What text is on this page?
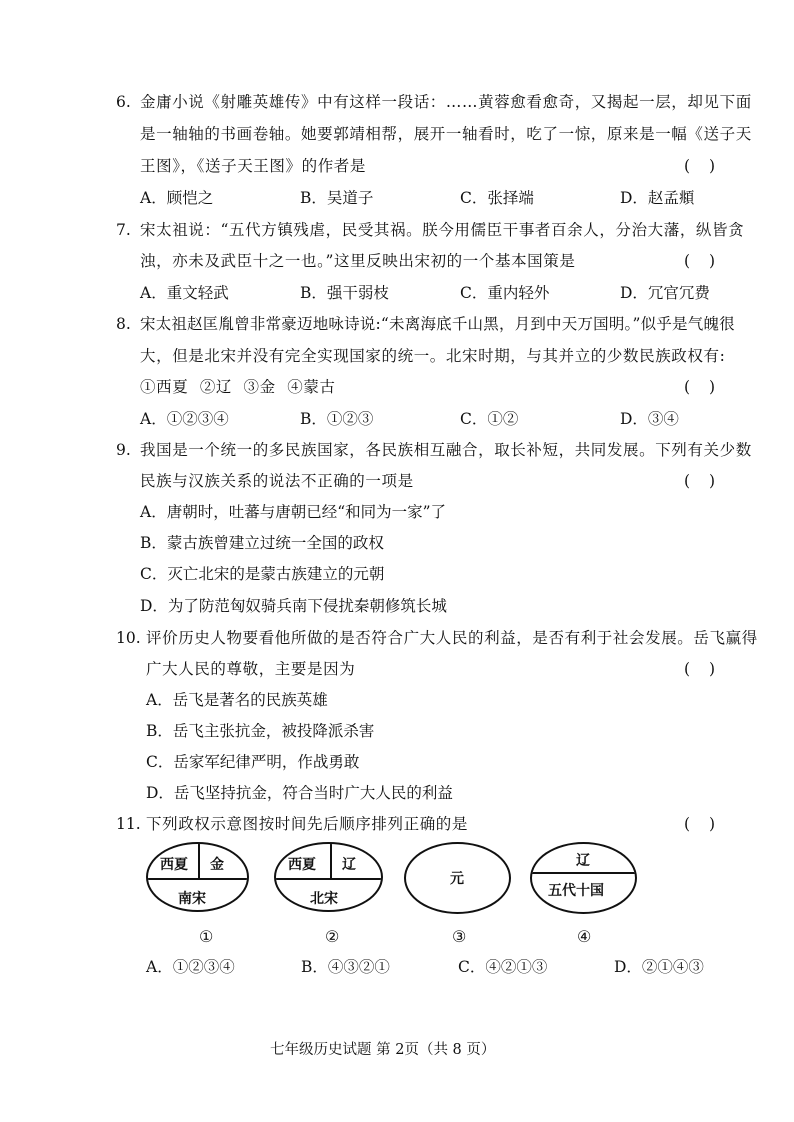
6. 金庸小说《射雕英雄传》中有这样一段话：……黄蓉愈看愈奇，又揭起一层，却见下面
是一轴轴的书画卷轴。她要郭靖相帮，展开一轴看时，吃了一惊，原来是一幅《送子天
王图》，《送子天王图》的作者是	( )
A．顾恺之	B．吴道子	C．张择端	D．赵孟頫
7. 宋太祖说：“五代方镇残虐，民受其祸。朕今用儒臣干事者百余人，分治大藩，纵皆贪
浊，亦未及武臣十之一也。”这里反映出宋初的一个基本国策是	( )
A．重文轻武	B．强干弱枝	C．重内轻外	D．冗官冗费
8. 宋太祖赵匡胤曾非常豪迈地咏诗说:“未离海底千山黑，月到中天万国明。”似乎是气魄很
大，但是北宋并没有完全实现国家的统一。北宋时期，与其并立的少数民族政权有:
①西夏 ②辽 ③金 ④蒙古	( )
A．①②③④	B．①②③	C．①②	D．③④
9. 我国是一个统一的多民族国家，各民族相互融合，取长补短，共同发展。下列有关少数
民族与汉族关系的说法不正确的一项是	( )
A．唐朝时，吐蕃与唐朝已经“和同为一家”了
B．蒙古族曾建立过统一全国的政权
C．灭亡北宋的是蒙古族建立的元朝
D．为了防范匈奴骑兵南下侵扰秦朝修筑长城
10. 评价历史人物要看他所做的是否符合广大人民的利益，是否有利于社会发展。岳飞赢得
广大人民的尊敬，主要是因为	( )
A．岳飞是著名的民族英雄
B．岳飞主张抗金，被投降派杀害
C．岳家军纪律严明，作战勇敢
D．岳飞坚持抗金，符合当时广大人民的利益
11. 下列政权示意图按时间先后顺序排列正确的是	( )
西夏 金
南宋
①
西夏 辽
北宋
②
元
③
辽
五代十国
④
A．①②③④	B．④③②①	C．④②①③	D．②①④③
七年级历史试题 第 2页（共 8 页）
